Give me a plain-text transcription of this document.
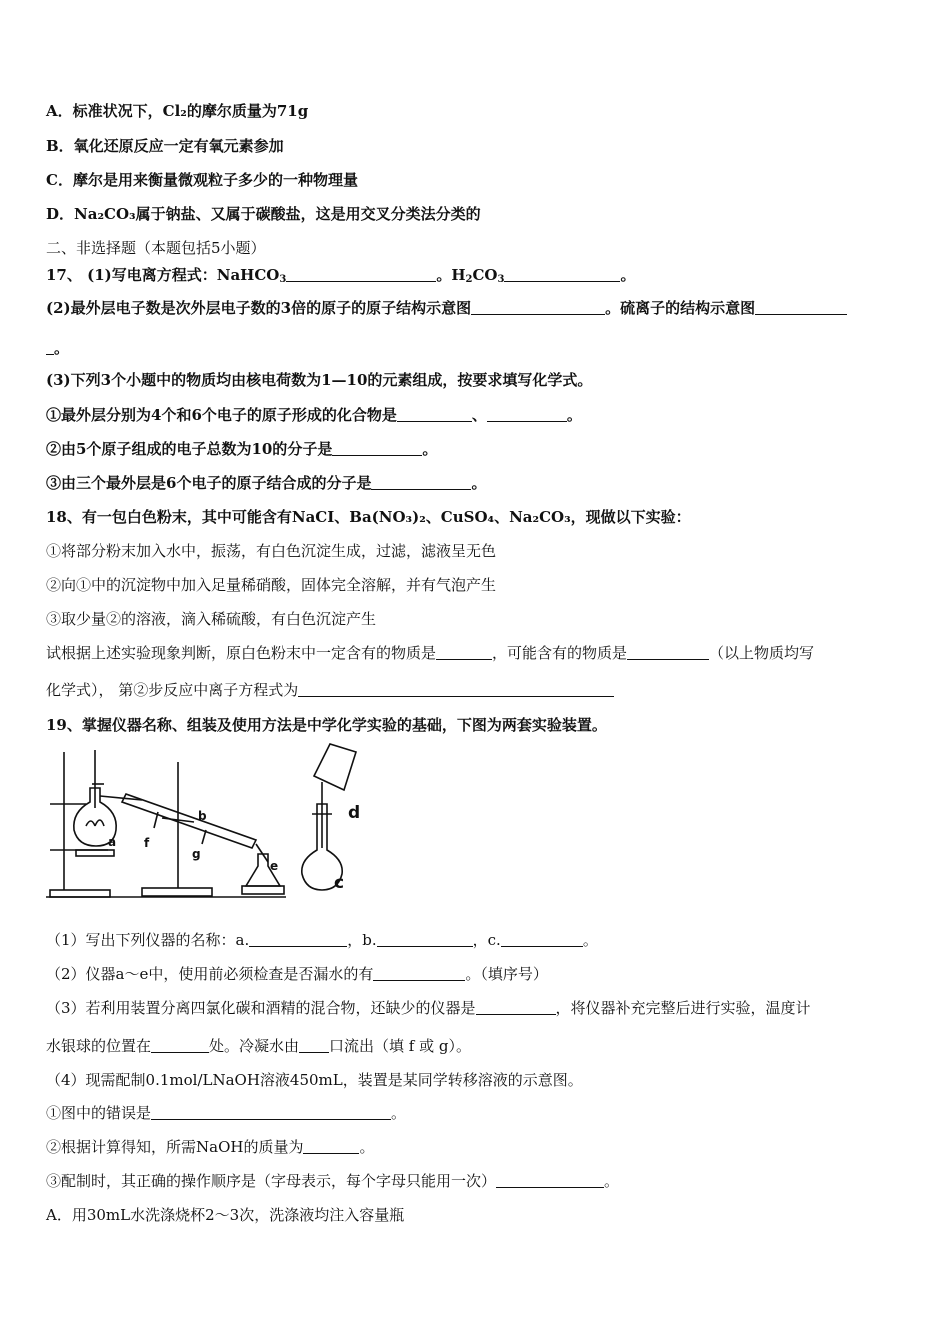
A．标准状况下，Cl₂的摩尔质量为71g
B．氧化还原反应一定有氧元素参加
C．摩尔是用来衡量微观粒子多少的一种物理量
D．Na₂CO₃属于钠盐、又属于碳酸盐，这是用交叉分类法分类的
二、非选择题（本题包括5小题）
17、 (1)写电离方程式：NaHCO$_3$	。$H_2CO_3$	。
(2)最外层电子数是次外层电子数的3倍的原子的原子结构示意图	。硫离子的结构示意图
。
(3)下列3个小题中的物质均由核电荷数为1—10的元素组成，按要求填写化学式。
①最外层分别为4个和6个电子的原子形成的化合物是	、	。
②由5个原子组成的电子总数为10的分子是	。
③由三个最外层是6个电子的原子结合成的分子是	。
18、有一包白色粉末，其中可能含有NaCI、Ba(NO₃)₂、CuSO₄、Na₂CO₃，现做以下实验：
①将部分粉末加入水中，振荡，有白色沉淀生成，过滤，滤液呈无色
②向①中的沉淀物中加入足量稀硝酸，固体完全溶解，并有气泡产生
③取少量②的溶液，滴入稀硫酸，有白色沉淀产生
试根据上述实验现象判断，原白色粉末中一定含有的物质是	，可能含有的物质是	（以上物质均写
化学式）， 第②步反应中离子方程式为
19、掌握仪器名称、组装及使用方法是中学化学实验的基础，下图为两套实验装置。
a
b
f
g
e
d
c
（1）写出下列仪器的名称：a.	，b.	，c.	。
（2）仪器a～e中，使用前必须检查是否漏水的有	。（填序号）
（3）若利用装置分离四氯化碳和酒精的混合物，还缺少的仪器是	，将仪器补充完整后进行实验，温度计
水银球的位置在	处。冷凝水由 口流出（填 f 或 g）。
（4）现需配制0.1mol/LNaOH溶液450mL，装置是某同学转移溶液的示意图。
①图中的错误是	。
②根据计算得知，所需NaOH的质量为	。
③配制时，其正确的操作顺序是（字母表示，每个字母只能用一次）	。
A．用30mL水洗涤烧杯2～3次，洗涤液均注入容量瓶
